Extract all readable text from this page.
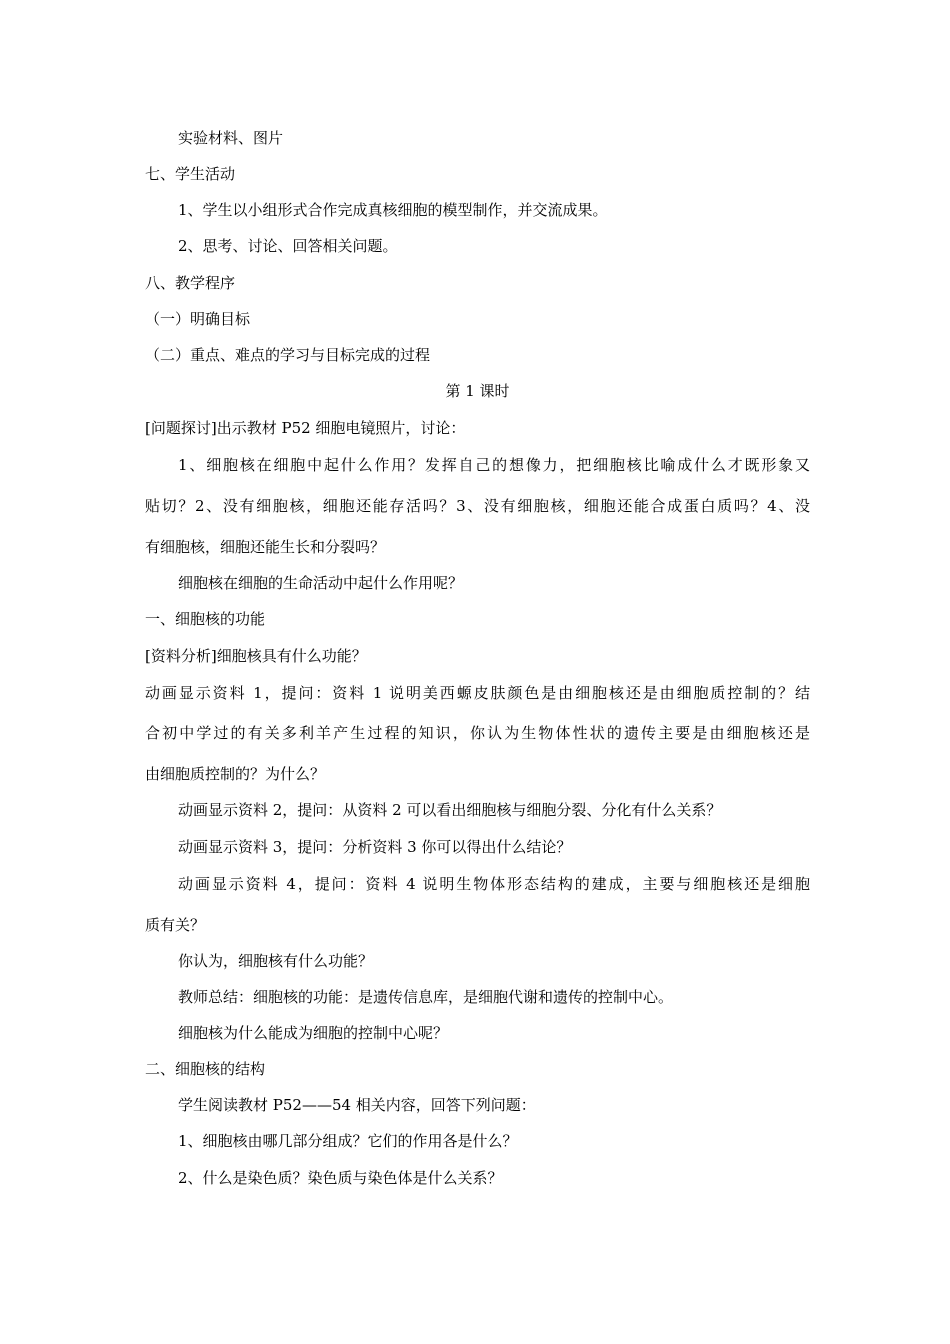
实验材料、图片
七、学生活动
1、学生以小组形式合作完成真核细胞的模型制作，并交流成果。
2、思考、讨论、回答相关问题。
八、教学程序
（一）明确目标
（二）重点、难点的学习与目标完成的过程
第 1 课时
[问题探讨]出示教材 P52 细胞电镜照片，讨论：
1、细胞核在细胞中起什么作用？发挥自己的想像力，把细胞核比喻成什么才既形象又
贴切？2、没有细胞核，细胞还能存活吗？3、没有细胞核，细胞还能合成蛋白质吗？4、没
有细胞核，细胞还能生长和分裂吗？
细胞核在细胞的生命活动中起什么作用呢？
一、细胞核的功能
[资料分析]细胞核具有什么功能？
动画显示资料 1，提问：资料 1 说明美西螈皮肤颜色是由细胞核还是由细胞质控制的？结
合初中学过的有关多利羊产生过程的知识，你认为生物体性状的遗传主要是由细胞核还是
由细胞质控制的？为什么？
动画显示资料 2，提问：从资料 2 可以看出细胞核与细胞分裂、分化有什么关系？
动画显示资料 3，提问：分析资料 3 你可以得出什么结论？
动画显示资料 4，提问：资料 4 说明生物体形态结构的建成，主要与细胞核还是细胞
质有关？
你认为，细胞核有什么功能？
教师总结：细胞核的功能：是遗传信息库，是细胞代谢和遗传的控制中心。
细胞核为什么能成为细胞的控制中心呢？
二、细胞核的结构
学生阅读教材 P52——54 相关内容，回答下列问题：
1、细胞核由哪几部分组成？它们的作用各是什么？
2、什么是染色质？染色质与染色体是什么关系？
